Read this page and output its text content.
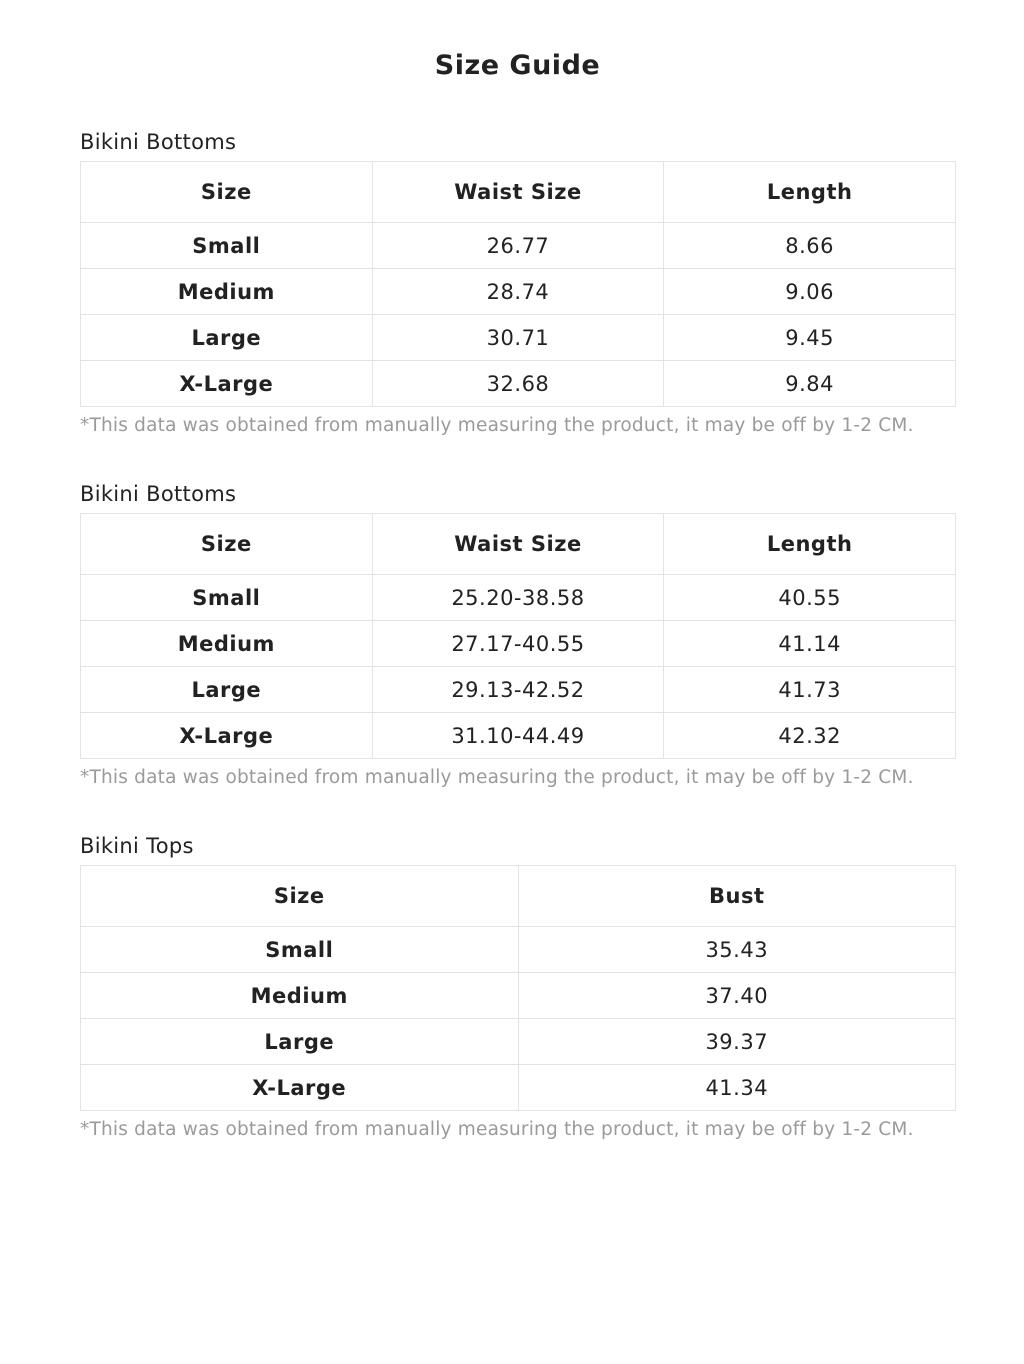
Size Guide
Bikini Bottoms
Size	Waist Size	Length
Small	26.77	8.66
Medium	28.74	9.06
Large	30.71	9.45
X-Large	32.68	9.84
*This data was obtained from manually measuring the product, it may be off by 1-2 CM.
Bikini Bottoms
Size	Waist Size	Length
Small	25.20-38.58	40.55
Medium	27.17-40.55	41.14
Large	29.13-42.52	41.73
X-Large	31.10-44.49	42.32
*This data was obtained from manually measuring the product, it may be off by 1-2 CM.
Bikini Tops
Size	Bust
Small	35.43
Medium	37.40
Large	39.37
X-Large	41.34
*This data was obtained from manually measuring the product, it may be off by 1-2 CM.
